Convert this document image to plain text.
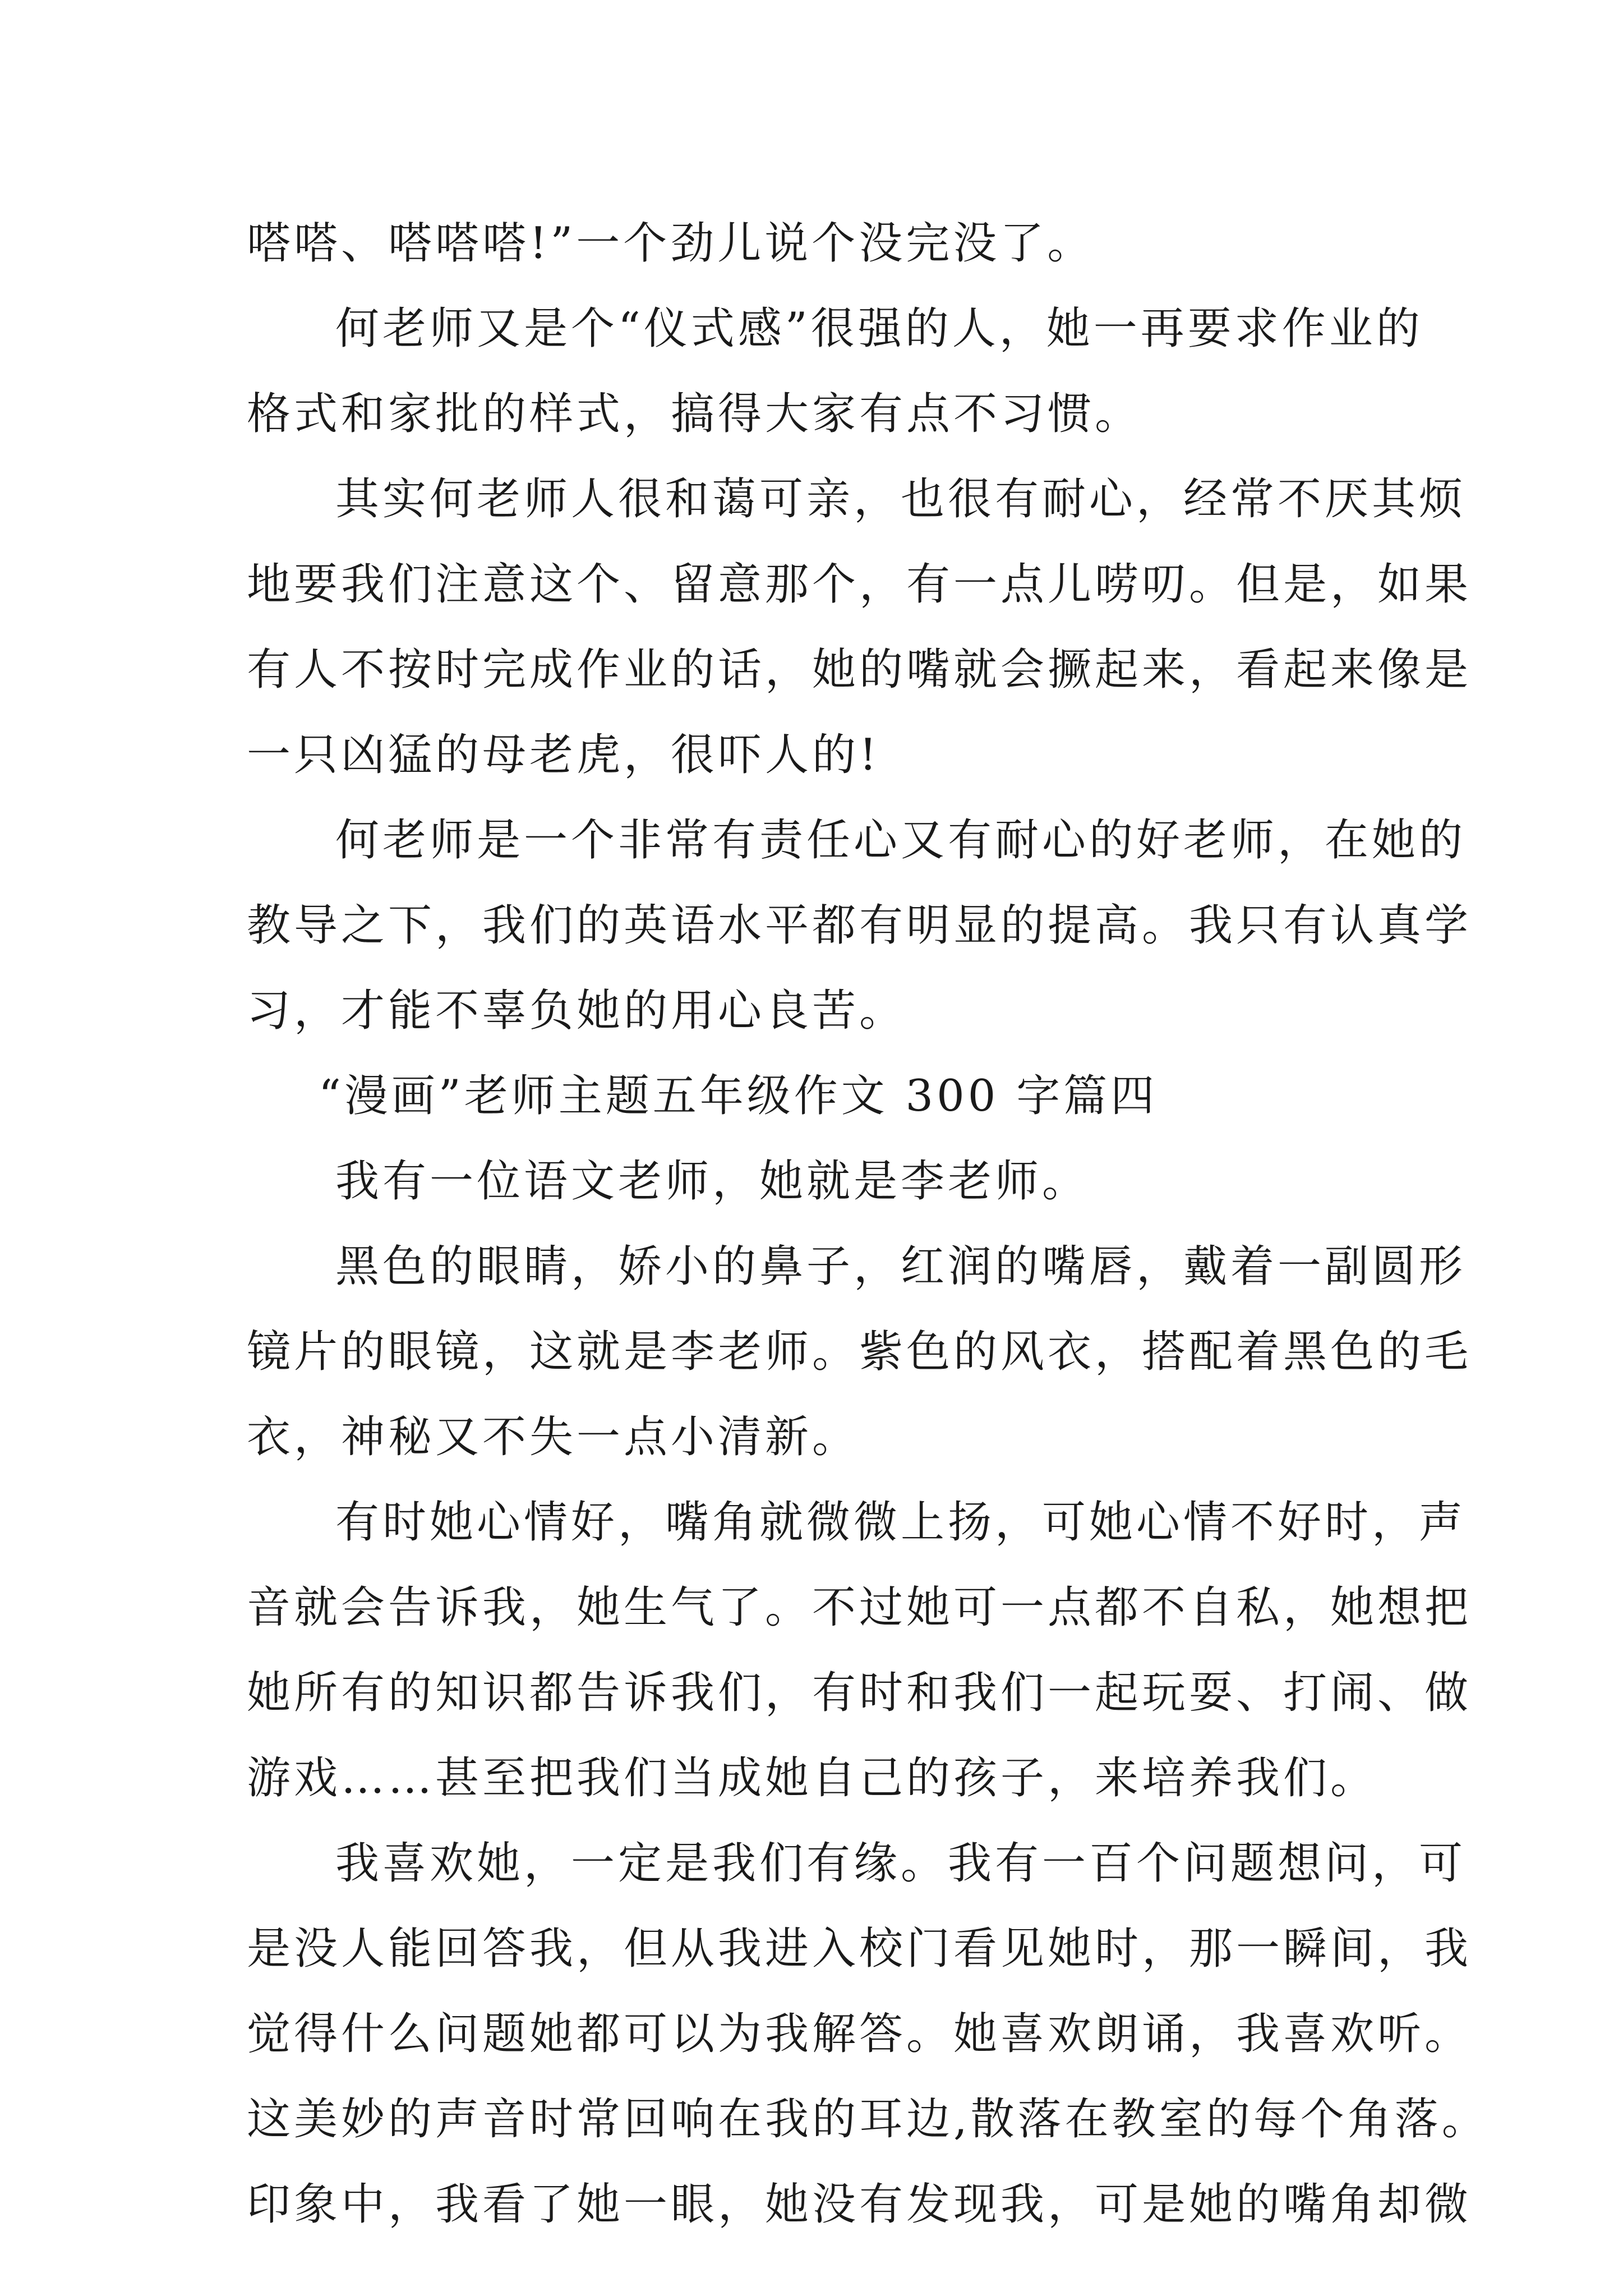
嗒嗒、嗒嗒嗒!”一个劲儿说个没完没了。
何老师又是个“仪式感”很强的人，她一再要求作业的
格式和家批的样式，搞得大家有点不习惯。
其实何老师人很和蔼可亲，也很有耐心，经常不厌其烦
地要我们注意这个、留意那个，有一点儿唠叨。但是，如果
有人不按时完成作业的话，她的嘴就会撅起来，看起来像是
一只凶猛的母老虎，很吓人的!
何老师是一个非常有责任心又有耐心的好老师，在她的
教导之下，我们的英语水平都有明显的提高。我只有认真学
习，才能不辜负她的用心良苦。
“漫画”老师主题五年级作文 300 字篇四
我有一位语文老师，她就是李老师。
黑色的眼睛，娇小的鼻子，红润的嘴唇，戴着一副圆形
镜片的眼镜，这就是李老师。紫色的风衣，搭配着黑色的毛
衣，神秘又不失一点小清新。
有时她心情好，嘴角就微微上扬，可她心情不好时，声
音就会告诉我，她生气了。不过她可一点都不自私，她想把
她所有的知识都告诉我们，有时和我们一起玩耍、打闹、做
游戏……甚至把我们当成她自己的孩子，来培养我们。
我喜欢她，一定是我们有缘。我有一百个问题想问，可
是没人能回答我，但从我进入校门看见她时，那一瞬间，我
觉得什么问题她都可以为我解答。她喜欢朗诵，我喜欢听。
这美妙的声音时常回响在我的耳边,散落在教室的每个角落。
印象中，我看了她一眼，她没有发现我，可是她的嘴角却微
